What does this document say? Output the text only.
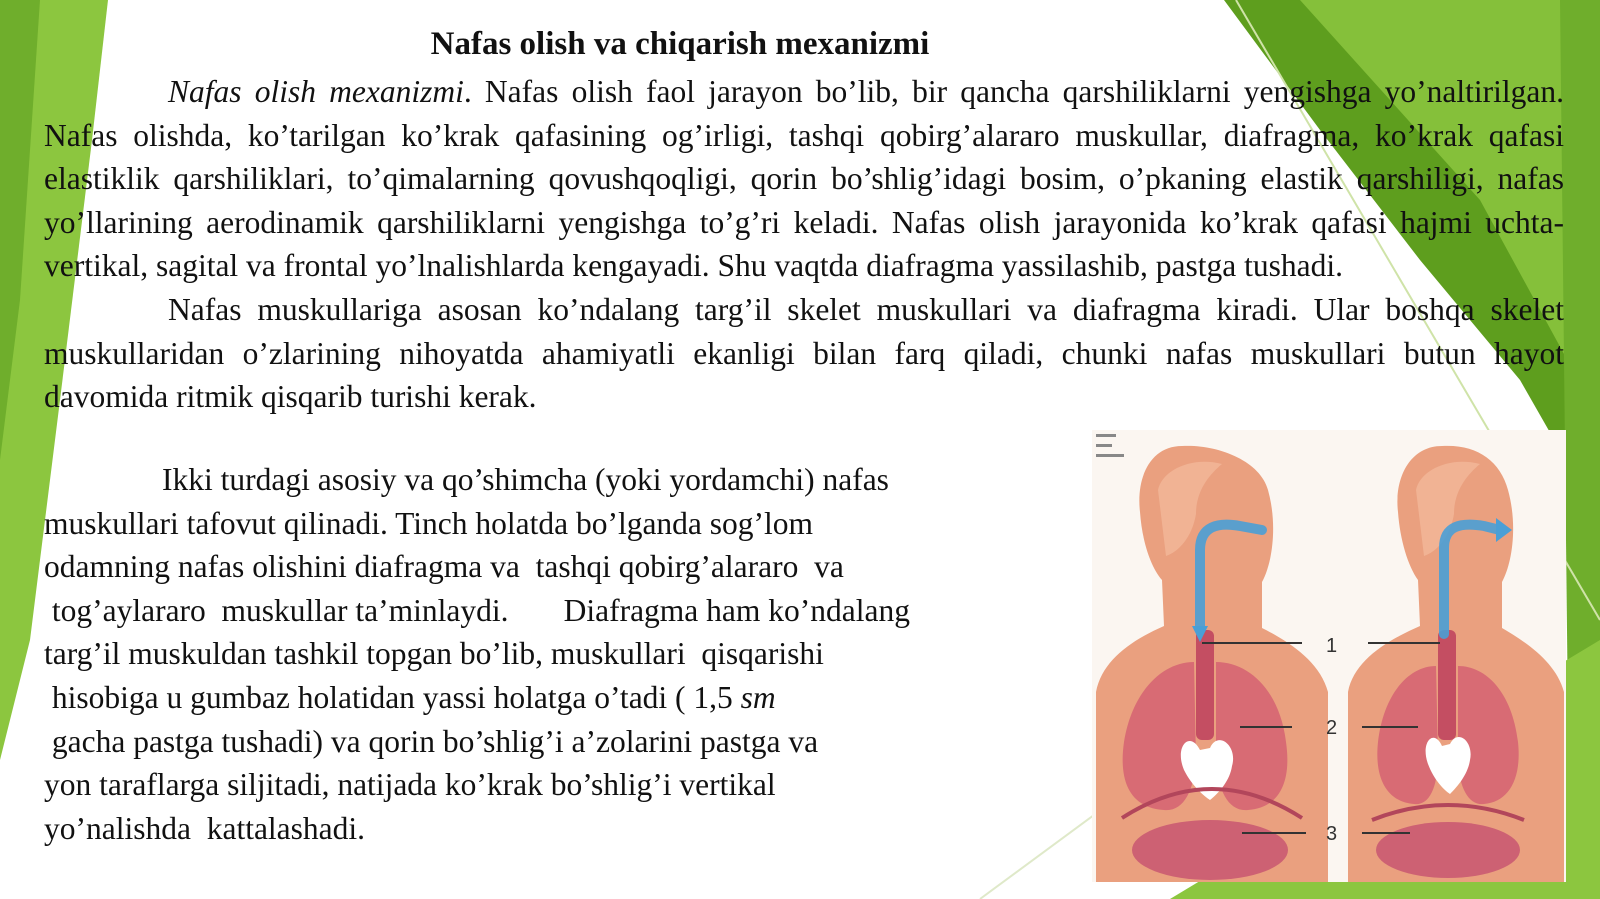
Nafas olish va chiqarish mexanizmi

Nafas olish mexanizmi. Nafas olish faol jarayon bo’lib, bir qancha qarshiliklarni yengishga yo’naltirilgan. Nafas olishda, ko’tarilgan ko’krak qafasining og’irligi, tashqi qobirg’alararo muskullar, diafragma, ko’krak qafasi elastiklik qarshiliklari, to’qimalarning qovushqoqligi, qorin bo’shlig’idagi bosim, o’pkaning elastik qarshiligi, nafas yo’llarining aerodinamik qarshiliklarni yengishga to’g’ri keladi. Nafas olish jarayonida ko’krak qafasi hajmi uchta-vertikal, sagital va frontal yo’lnalishlarda kengayadi. Shu vaqtda diafragma yassilashib, pastga tushadi.

Nafas muskullariga asosan ko’ndalang targ’il skelet muskullari va diafragma kiradi. Ular boshqa skelet muskullaridan o’zlarining nihoyatda ahamiyatli ekanligi bilan farq qiladi, chunki nafas muskullari butun hayot davomida ritmik qisqarib turishi kerak.

Ikki turdagi asosiy va qo’shimcha (yoki yordamchi) nafas
muskullari tafovut qilinadi. Tinch holatda bo’lganda sog’lom
odamning nafas olishini diafragma va  tashqi qobirg’alararo  va
tog’aylararo  muskullar ta’minlaydi.       Diafragma ham ko’ndalang
targ’il muskuldan tashkil topgan bo’lib, muskullari  qisqarishi
hisobiga u gumbaz holatidan yassi holatga o’tadi ( 1,5 sm
gacha pastga tushadi) va qorin bo’shlig’i a’zolarini pastga va
yon taraflarga siljitadi, natijada ko’krak bo’shlig’i vertikal
yo’nalishda  kattalashadi.
1
2
3
